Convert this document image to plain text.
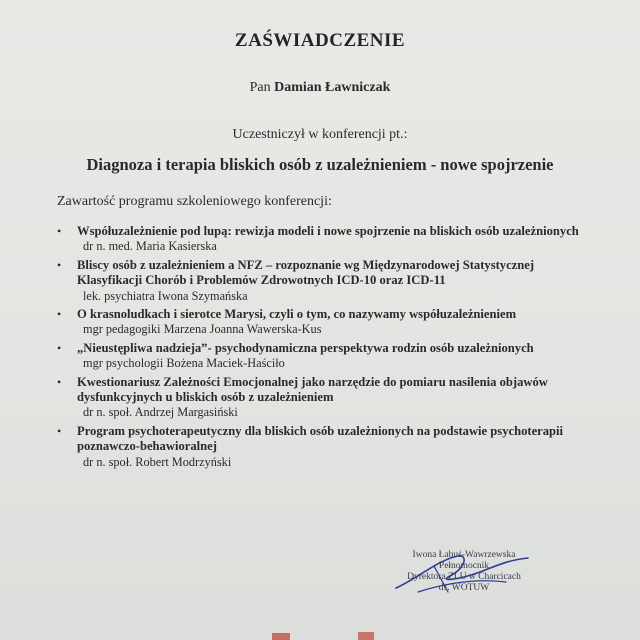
ZAŚWIADCZENIE
Pan Damian Ławniczak
Uczestniczył w konferencji pt.:
Diagnoza i terapia bliskich osób z uzależnieniem - nowe spojrzenie
Zawartość programu szkoleniowego konferencji:
• Współuzależnienie pod lupą: rewizja modeli i nowe spojrzenie na bliskich osób uzależnionych
dr n. med. Maria Kasierska
• Bliscy osób z uzależnieniem a NFZ – rozpoznanie wg Międzynarodowej Statystycznej Klasyfikacji Chorób i Problemów Zdrowotnych ICD-10 oraz ICD-11
lek. psychiatra Iwona Szymańska
• O krasnoludkach i sierotce Marysi, czyli o tym, co nazywamy współuzależnieniem
mgr pedagogiki Marzena Joanna Wawerska-Kus
• „Nieustępliwa nadzieja”- psychodynamiczna perspektywa rodzin osób uzależnionych
mgr psychologii Bożena Maciek-Haściło
• Kwestionariusz Zależności Emocjonalnej jako narzędzie do pomiaru nasilenia objawów dysfunkcyjnych u bliskich osób z uzależnieniem
dr n. społ. Andrzej Margasiński
• Program psychoterapeutyczny dla bliskich osób uzależnionych na podstawie psychoterapii poznawczo-behawioralnej
dr n. społ. Robert Modrzyński
Iwona Łabuś-Wawrzewska
Pełnomocnik
Dyrektora ZLU w Charcicach
ds. WOTUW
